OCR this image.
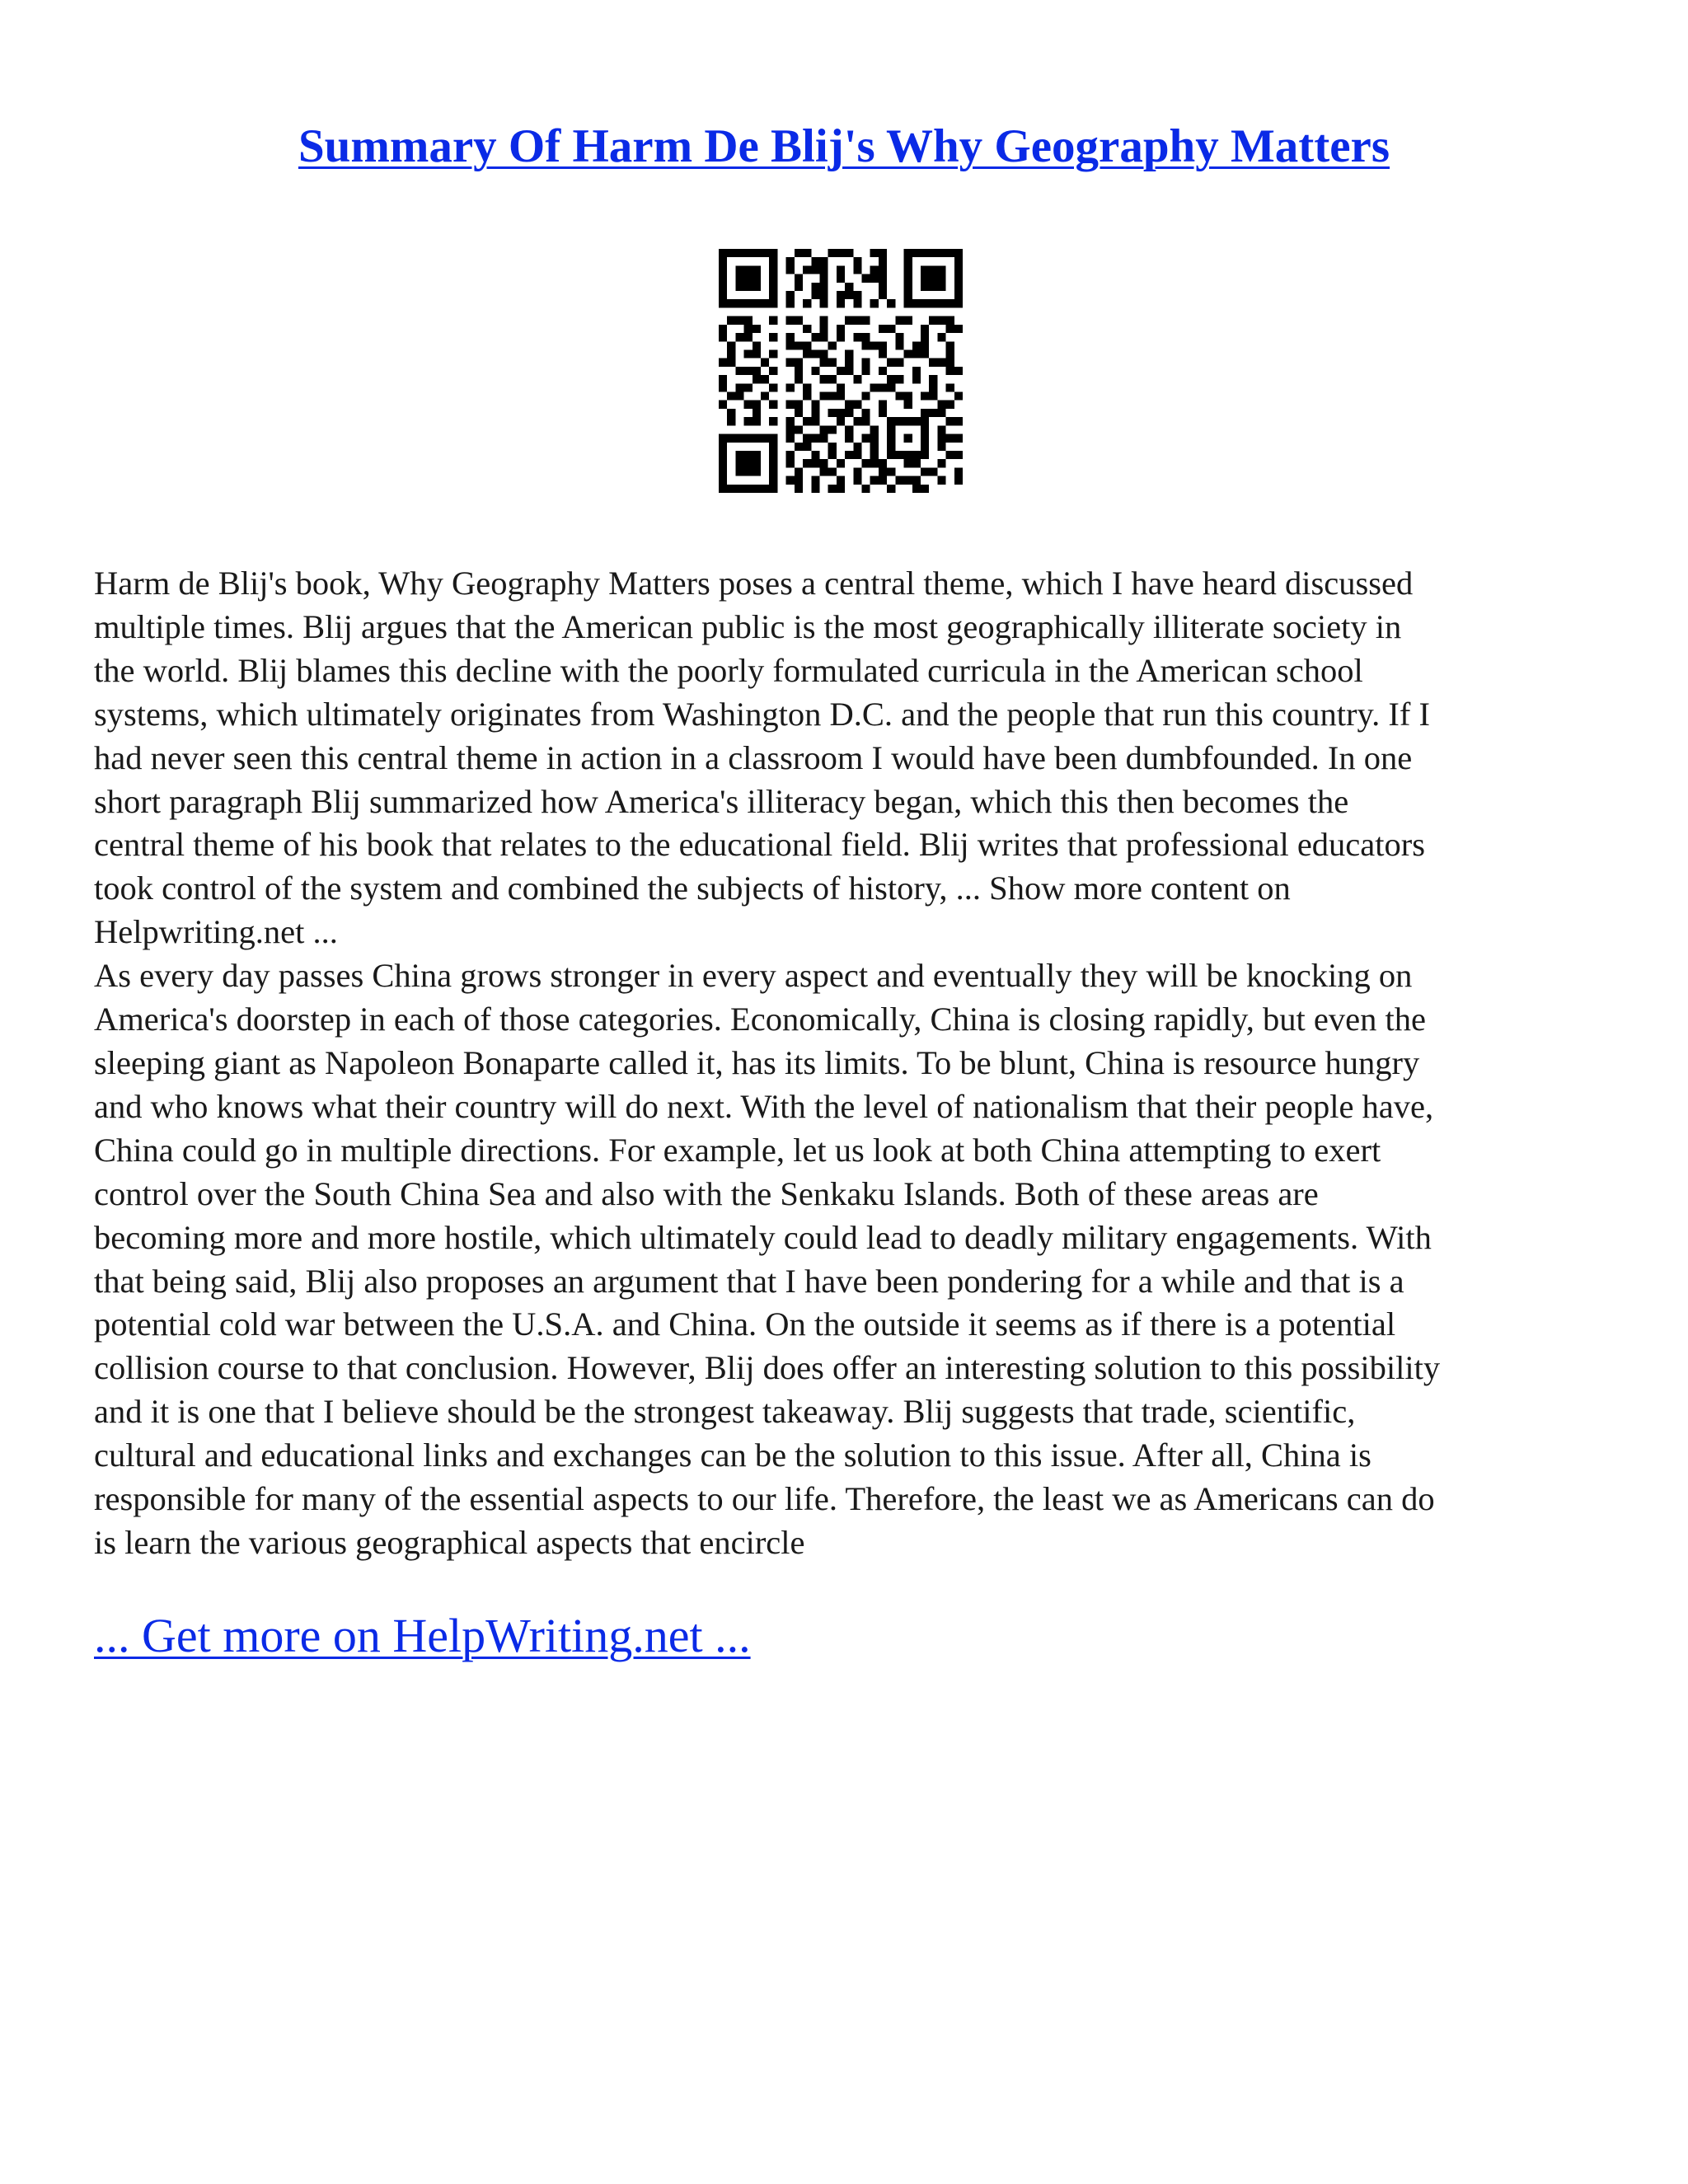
Summary Of Harm De Blij's Why Geography Matters

Harm de Blij's book, Why Geography Matters poses a central theme, which I have heard discussed
multiple times. Blij argues that the American public is the most geographically illiterate society in
the world. Blij blames this decline with the poorly formulated curricula in the American school
systems, which ultimately originates from Washington D.C. and the people that run this country. If I
had never seen this central theme in action in a classroom I would have been dumbfounded. In one
short paragraph Blij summarized how America's illiteracy began, which this then becomes the
central theme of his book that relates to the educational field. Blij writes that professional educators
took control of the system and combined the subjects of history, ... Show more content on
Helpwriting.net ...

As every day passes China grows stronger in every aspect and eventually they will be knocking on
America's doorstep in each of those categories. Economically, China is closing rapidly, but even the
sleeping giant as Napoleon Bonaparte called it, has its limits. To be blunt, China is resource hungry
and who knows what their country will do next. With the level of nationalism that their people have,
China could go in multiple directions. For example, let us look at both China attempting to exert
control over the South China Sea and also with the Senkaku Islands. Both of these areas are
becoming more and more hostile, which ultimately could lead to deadly military engagements. With
that being said, Blij also proposes an argument that I have been pondering for a while and that is a
potential cold war between the U.S.A. and China. On the outside it seems as if there is a potential
collision course to that conclusion. However, Blij does offer an interesting solution to this possibility
and it is one that I believe should be the strongest takeaway. Blij suggests that trade, scientific,
cultural and educational links and exchanges can be the solution to this issue. After all, China is
responsible for many of the essential aspects to our life. Therefore, the least we as Americans can do
is learn the various geographical aspects that encircle

... Get more on HelpWriting.net ...
